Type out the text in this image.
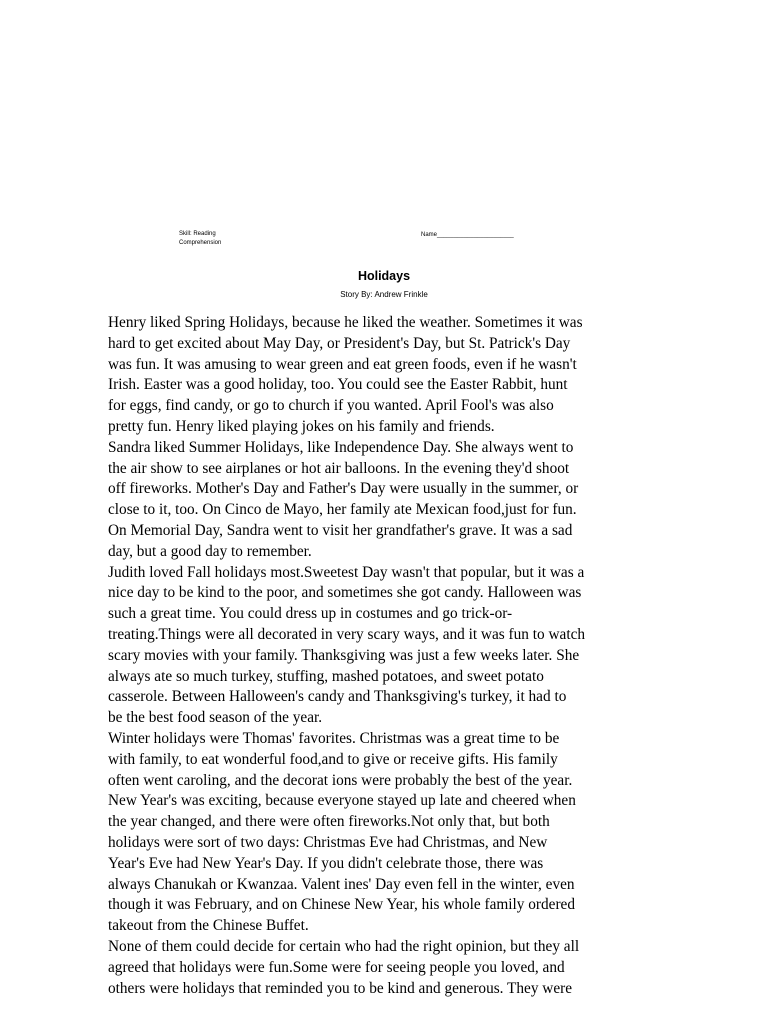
Skill: Reading
Comprehension
Name_______________________
Holidays
Story By: Andrew Frinkle
Henry liked Spring Holidays, because he liked the weather. Sometimes it was
hard to get excited about May Day, or President's Day, but St. Patrick's Day
was fun. It was amusing to wear green and eat green foods, even if he wasn't
Irish. Easter was a good holiday, too. You could see the Easter Rabbit, hunt
for eggs, find candy, or go to church if you wanted. April Fool's was also
pretty fun. Henry liked playing jokes on his family and friends.
Sandra liked Summer Holidays, like Independence Day. She always went to
the air show to see airplanes or hot air balloons. In the evening they'd shoot
off fireworks. Mother's Day and Father's Day were usually in the summer, or
close to it, too. On Cinco de Mayo, her family ate Mexican food,just for fun.
On Memorial Day, Sandra went to visit her grandfather's grave. It was a sad
day, but a good day to remember.
Judith loved Fall holidays most.Sweetest Day wasn't that popular, but it was a
nice day to be kind to the poor, and sometimes she got candy. Halloween was
such a great time. You could dress up in costumes and go trick-or-
treating.Things were all decorated in very scary ways, and it was fun to watch
scary movies with your family. Thanksgiving was just a few weeks later. She
always ate so much turkey, stuffing, mashed potatoes, and sweet potato
casserole. Between Halloween's candy and Thanksgiving's turkey, it had to
be the best food season of the year.
Winter holidays were Thomas' favorites. Christmas was a great time to be
with family, to eat wonderful food,and to give or receive gifts. His family
often went caroling, and the decorat ions were probably the best of the year.
New Year's was exciting, because everyone stayed up late and cheered when
the year changed, and there were often fireworks.Not only that, but both
holidays were sort of two days: Christmas Eve had Christmas, and New
Year's Eve had New Year's Day. If you didn't celebrate those, there was
always Chanukah or Kwanzaa. Valent ines' Day even fell in the winter, even
though it was February, and on Chinese New Year, his whole family ordered
takeout from the Chinese Buffet.
None of them could decide for certain who had the right opinion, but they all
agreed that holidays were fun.Some were for seeing people you loved, and
others were holidays that reminded you to be kind and generous. They were
